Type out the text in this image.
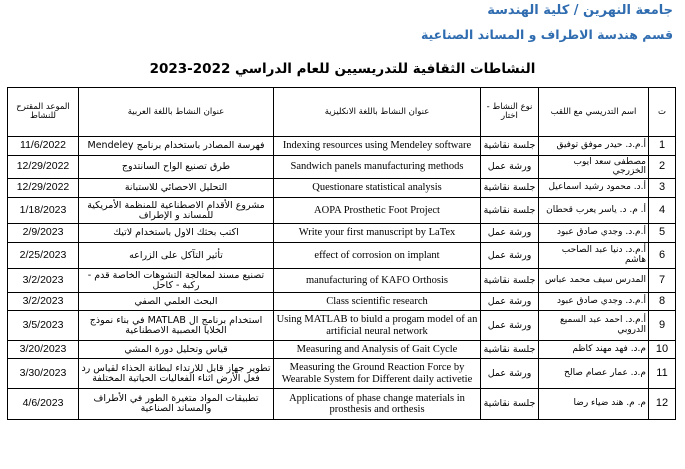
جامعة النهرين / كلية الهندسة
قسم هندسة الاطراف و المساند الصناعية
النشاطات الثقافية للتدريسيين للعام الدراسي 2022-2023
الموعد المقترح للنشاط	عنوان النشاط باللغة العربية	عنوان النشاط باللغة الانكليزية	نوع النشاط - اختار	اسم التدريسي مع اللقب	ت
11/6/2022	فهرسة المصادر باستخدام برنامج Mendeley	Indexing resources using Mendeley software	جلسة نقاشية	أ.م.د. حيدر موفق توفيق	1
12/29/2022	طرق تصنيع الواح السانتدوج	Sandwich panels manufacturing methods	ورشة عمل	مصطفى سعد ايوب الخزرجي	2
12/29/2022	التحليل الاحصائي للاستبانة	Questionare statistical analysis	جلسة نقاشية	أ.د. محمود رشيد اسماعيل	3
1/18/2023	مشروع الأقدام الاصطناعية للمنظمة الأمريكية للمساند و الإطراف	AOPA Prosthetic Foot Project	جلسة نقاشية	أ. م. د. ياسر يعرب قحطان	4
2/9/2023	اكتب بحثك الاول باستخدام لاتيك	Write your first manuscript by LaTex	ورشة عمل	أ.م.د. وجدي صادق عبود	5
2/25/2023	تأثير التآكل على الزراعه	effect of corrosion on implant	ورشة عمل	أ.م.د. دنيا عبد الصاحب هاشم	6
3/2/2023	تصنيع مسند لمعالجة التشوهات الخاصة قدم - ركبة - كاحل	manufacturing of KAFO Orthosis	جلسة نقاشية	المدرس سيف محمد عباس	7
3/2/2023	البحث العلمي الصفي	Class scientific research	ورشة عمل	أ.م.د. وجدي صادق عبود	8
3/5/2023	استخدام برنامج ال MATLAB في بناء نموذج الخلايا العصبية الاصطناعية	Using MATLAB to biuld a progam model of an artificial neural network	ورشة عمل	أ.م.د. احمد عبد السميع الدروبي	9
3/20/2023	قياس وتحليل دورة المشي	Measuring and Analysis of Gait Cycle	جلسة نقاشية	م.د. فهد مهند كاظم	10
3/30/2023	تطوير جهاز قابل للارتداء لبطانة الحذاء لقياس رد فعل الأرض اثناء الفعاليات الحياتية المختلفة	Measuring the Ground Reaction Force by Wearable System for Different daily activetie	ورشة عمل	م.د. عمار عصام صالح	11
4/6/2023	تطبيقات المواد متغيرة الطور في الأطراف والمساند الصناعية	Applications of phase change materials in prosthesis and orthesis	جلسة نقاشية	م. م. هند ضياء رضا	12
